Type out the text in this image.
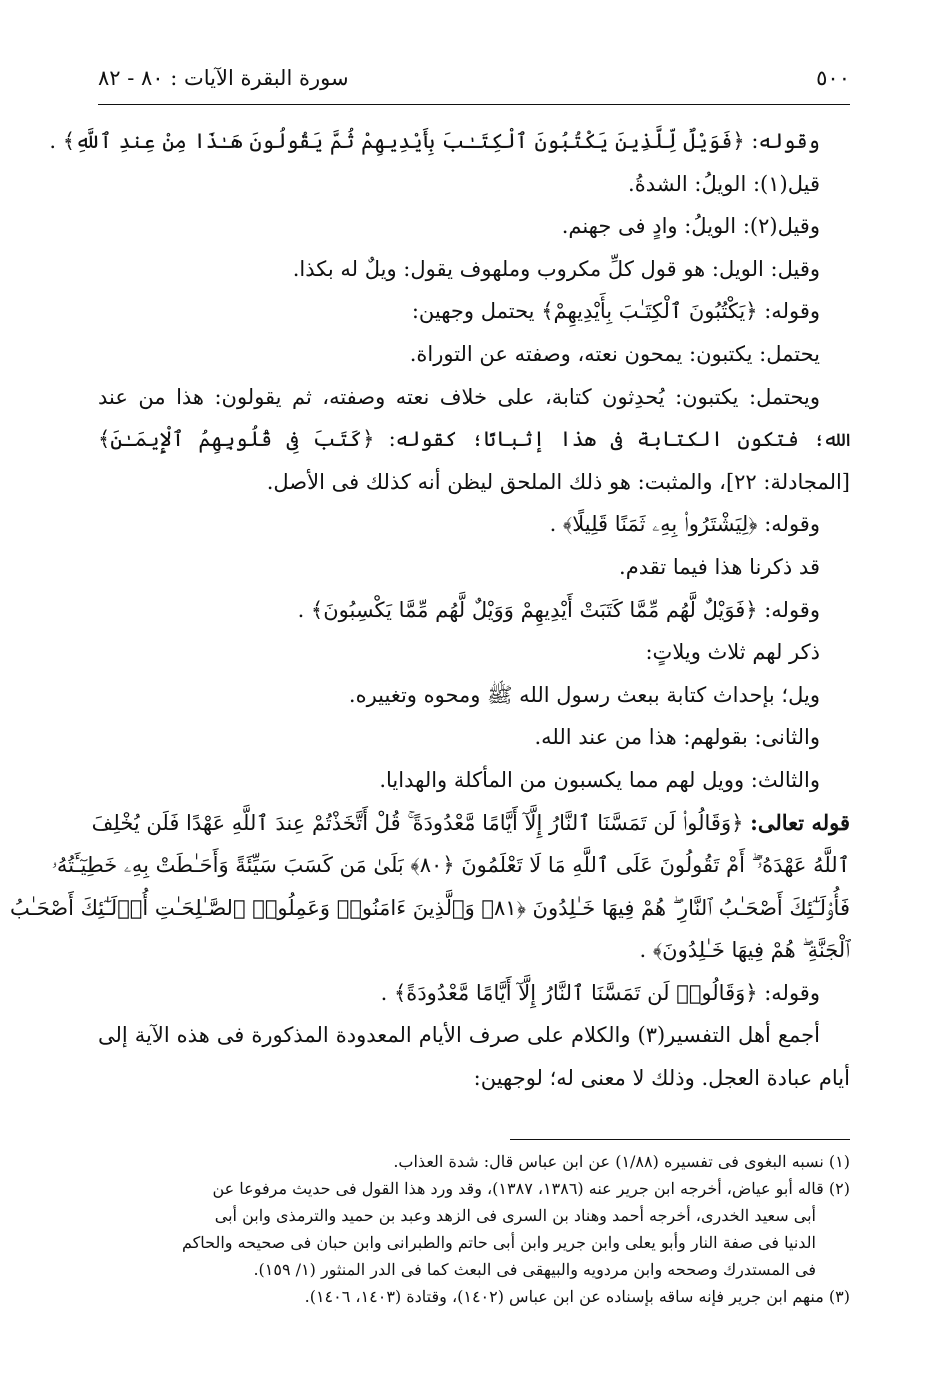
٥٠٠
سورة البقرة الآيات : ٨٠ - ٨٢
وقوله: ﴿فَوَيْلٌ لِّلَّذِينَ يَكْتُبُونَ ٱلْكِتَـٰبَ بِأَيْدِيهِمْ ثُمَّ يَقُولُونَ هَـٰذَا مِنْ عِندِ ٱللَّهِ﴾ .
قيل(١): الويلُ: الشدةُ.
وقيل(٢): الويلُ: وادٍ فى جهنم.
وقيل: الويل: هو قول كلِّ مكروب وملهوف يقول: ويلٌ له بكذا.
وقوله: ﴿يَكْتُبُونَ ٱلْكِتَـٰبَ بِأَيْدِيهِمْ﴾ يحتمل وجهين:
يحتمل: يكتبون: يمحون نعته، وصفته عن التوراة.
ويحتمل: يكتبون: يُحدِثون كتابة، على خلاف نعته وصفته، ثم يقولون: هذا من عند
الله؛ فتكون الكتابة فى هذا إثباتًا؛ كقوله: ﴿كَتَبَ فِى قُلُوبِهِمُ ٱلْإِيمَـٰنَ﴾
[المجادلة: ٢٢]، والمثبت: هو ذلك الملحق ليظن أنه كذلك فى الأصل.
وقوله: ﴿لِيَشْتَرُوا۟ بِهِۦ ثَمَنًا قَلِيلًا﴾ .
قد ذكرنا هذا فيما تقدم.
وقوله: ﴿فَوَيْلٌ لَّهُم مِّمَّا كَتَبَتْ أَيْدِيهِمْ وَوَيْلٌ لَّهُم مِّمَّا يَكْسِبُونَ﴾ .
ذكر لهم ثلاث ويلاتٍ:
ويل؛ بإحداث كتابة ببعث رسول الله ﷺ ومحوه وتغييره.
والثانى: بقولهم: هذا من عند الله.
والثالث: وويل لهم مما يكسبون من المأكلة والهدايا.
قوله تعالى: ﴿وَقَالُوا۟ لَن تَمَسَّنَا ٱلنَّارُ إِلَّآ أَيَّامًا مَّعْدُودَةً ۚ قُلْ أَتَّخَذْتُمْ عِندَ ٱللَّهِ عَهْدًا فَلَن يُخْلِفَ
ٱللَّهُ عَهْدَهُۥٓ ۖ أَمْ تَقُولُونَ عَلَى ٱللَّهِ مَا لَا تَعْلَمُونَ ﴿٨٠﴾ بَلَىٰ مَن كَسَبَ سَيِّئَةً وَأَحَـٰطَتْ بِهِۦ خَطِيٓـَٔتُهُۥ
فَأُو۟لَـٰٓئِكَ أَصْحَـٰبُ ٱلنَّارِ ۖ هُمْ فِيهَا خَـٰلِدُونَ ﴿٨١﴾ وَٱلَّذِينَ ءَامَنُوا۟ وَعَمِلُوا۟ ٱلصَّـٰلِحَـٰتِ أُو۟لَـٰٓئِكَ أَصْحَـٰبُ
ٱلْجَنَّةِ ۖ هُمْ فِيهَا خَـٰلِدُونَ﴾ .
وقوله: ﴿وَقَالُوا۟ لَن تَمَسَّنَا ٱلنَّارُ إِلَّآ أَيَّامًا مَّعْدُودَةً﴾ .
أجمع أهل التفسير(٣) والكلام على صرف الأيام المعدودة المذكورة فى هذه الآية إلى
أيام عبادة العجل. وذلك لا معنى له؛ لوجهين:
(١) نسبه البغوى فى تفسيره (١/٨٨) عن ابن عباس قال: شدة العذاب.
(٢) قاله أبو عياض، أخرجه ابن جرير عنه (١٣٨٦، ١٣٨٧)، وقد ورد هذا القول فى حديث مرفوعا عن
أبى سعيد الخدرى، أخرجه أحمد وهناد بن السرى فى الزهد وعبد بن حميد والترمذى وابن أبى
الدنيا فى صفة النار وأبو يعلى وابن جرير وابن أبى حاتم والطبرانى وابن حبان فى صحيحه والحاكم
فى المستدرك وصححه وابن مردويه والبيهقى فى البعث كما فى الدر المنثور (١/ ١٥٩).
(٣) منهم ابن جرير فإنه ساقه بإسناده عن ابن عباس (١٤٠٢)، وقتادة (١٤٠٣، ١٤٠٦).
